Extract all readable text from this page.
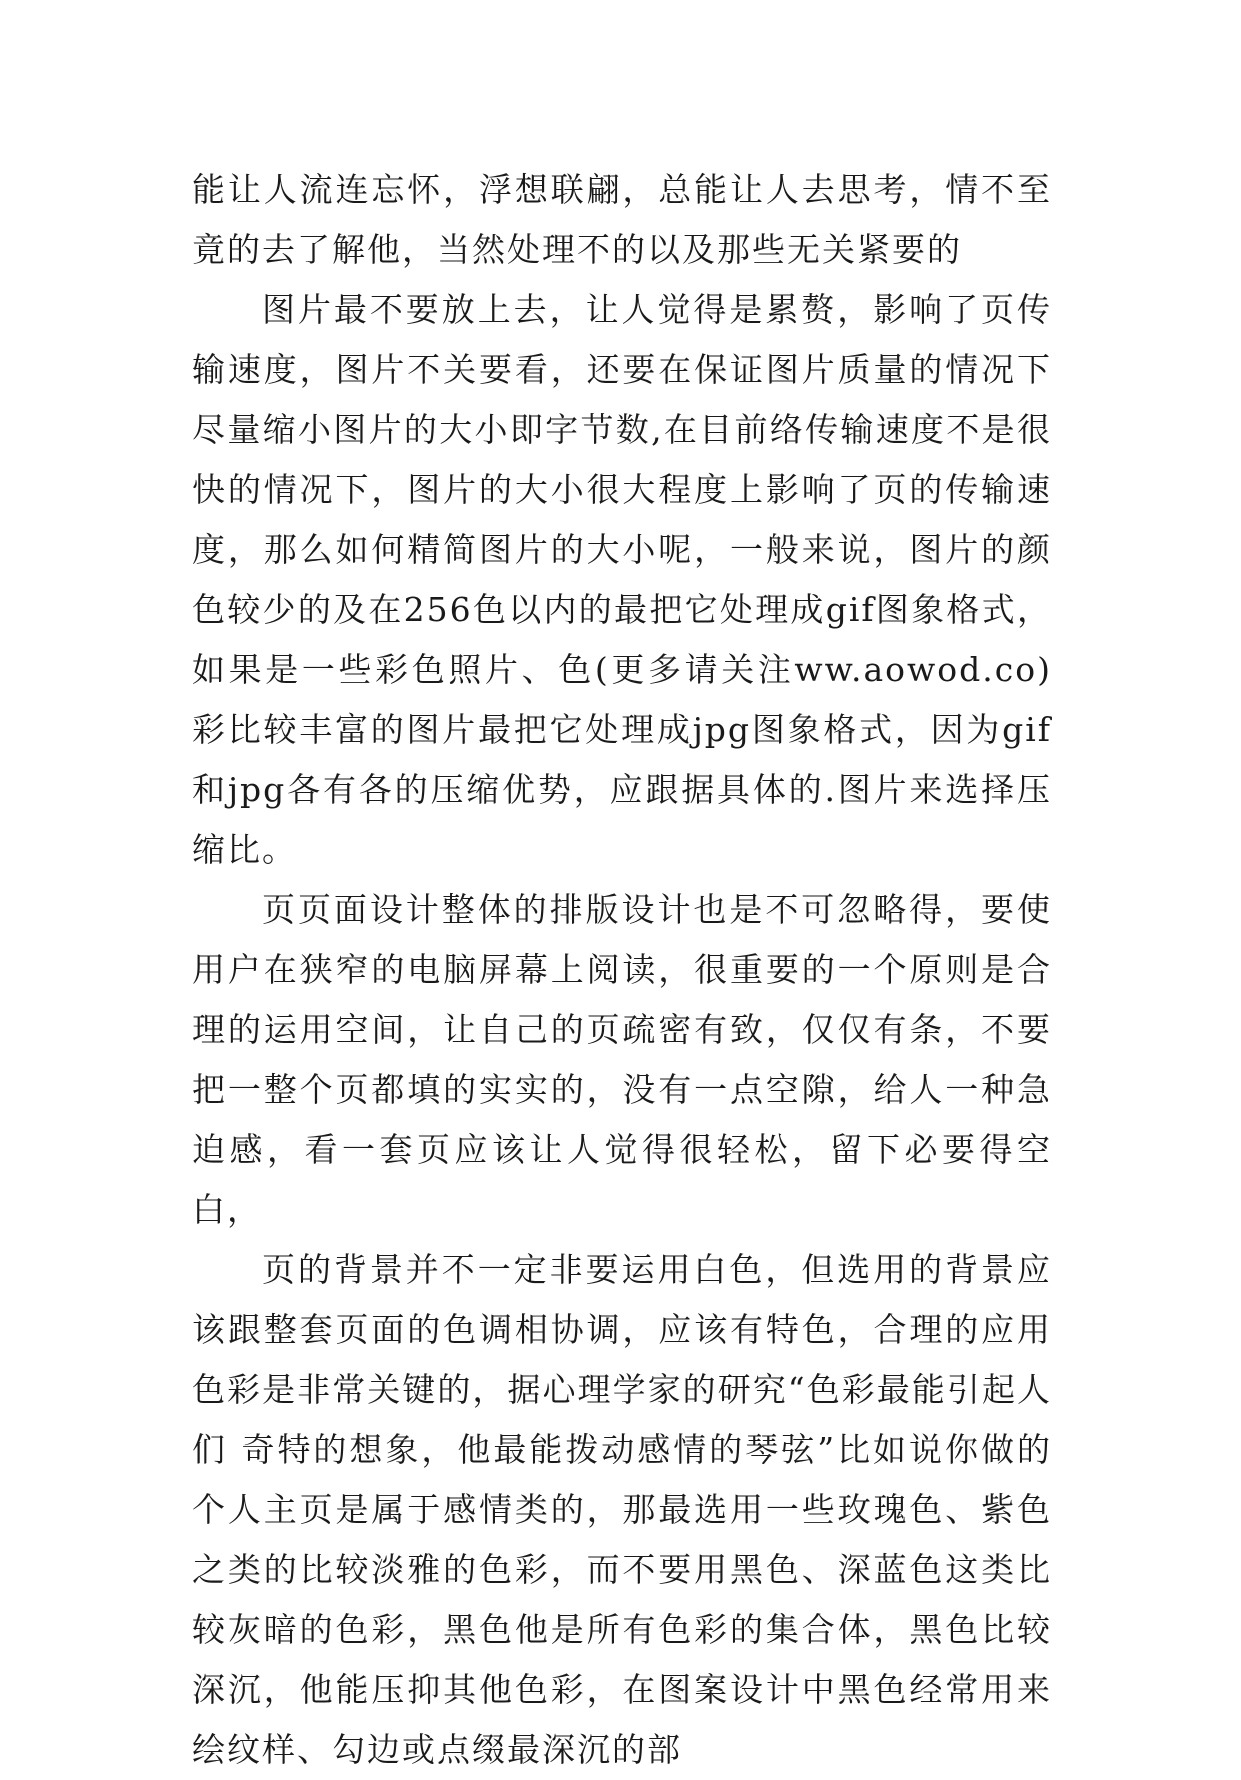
能让人流连忘怀，浮想联翩，总能让人去思考，情不至竟的去了解他，当然处理不的以及那些无关紧要的

图片最不要放上去，让人觉得是累赘，影响了页传输速度，图片不关要看，还要在保证图片质量的情况下尽量缩小图片的大小即字节数,在目前络传输速度不是很快的情况下，图片的大小很大程度上影响了页的传输速度，那么如何精简图片的大小呢，一般来说，图片的颜色较少的及在256色以内的最把它处理成gif图象格式，如果是一些彩色照片、色(更多请关注ww.aowod.co)彩比较丰富的图片最把它处理成jpg图象格式，因为gif和jpg各有各的压缩优势，应跟据具体的.图片来选择压缩比。

页页面设计整体的排版设计也是不可忽略得，要使用户在狭窄的电脑屏幕上阅读，很重要的一个原则是合理的运用空间，让自己的页疏密有致，仅仅有条，不要把一整个页都填的实实的，没有一点空隙，给人一种急迫感，看一套页应该让人觉得很轻松，留下必要得空白，

页的背景并不一定非要运用白色，但选用的背景应该跟整套页面的色调相协调，应该有特色，合理的应用色彩是非常关键的，据心理学家的研究“色彩最能引起人们 奇特的想象，他最能拨动感情的琴弦”比如说你做的个人主页是属于感情类的，那最选用一些玫瑰色、紫色之类的比较淡雅的色彩，而不要用黑色、深蓝色这类比较灰暗的色彩，黑色他是所有色彩的集合体，黑色比较深沉，他能压抑其他色彩，在图案设计中黑色经常用来绘纹样、勾边或点缀最深沉的部
